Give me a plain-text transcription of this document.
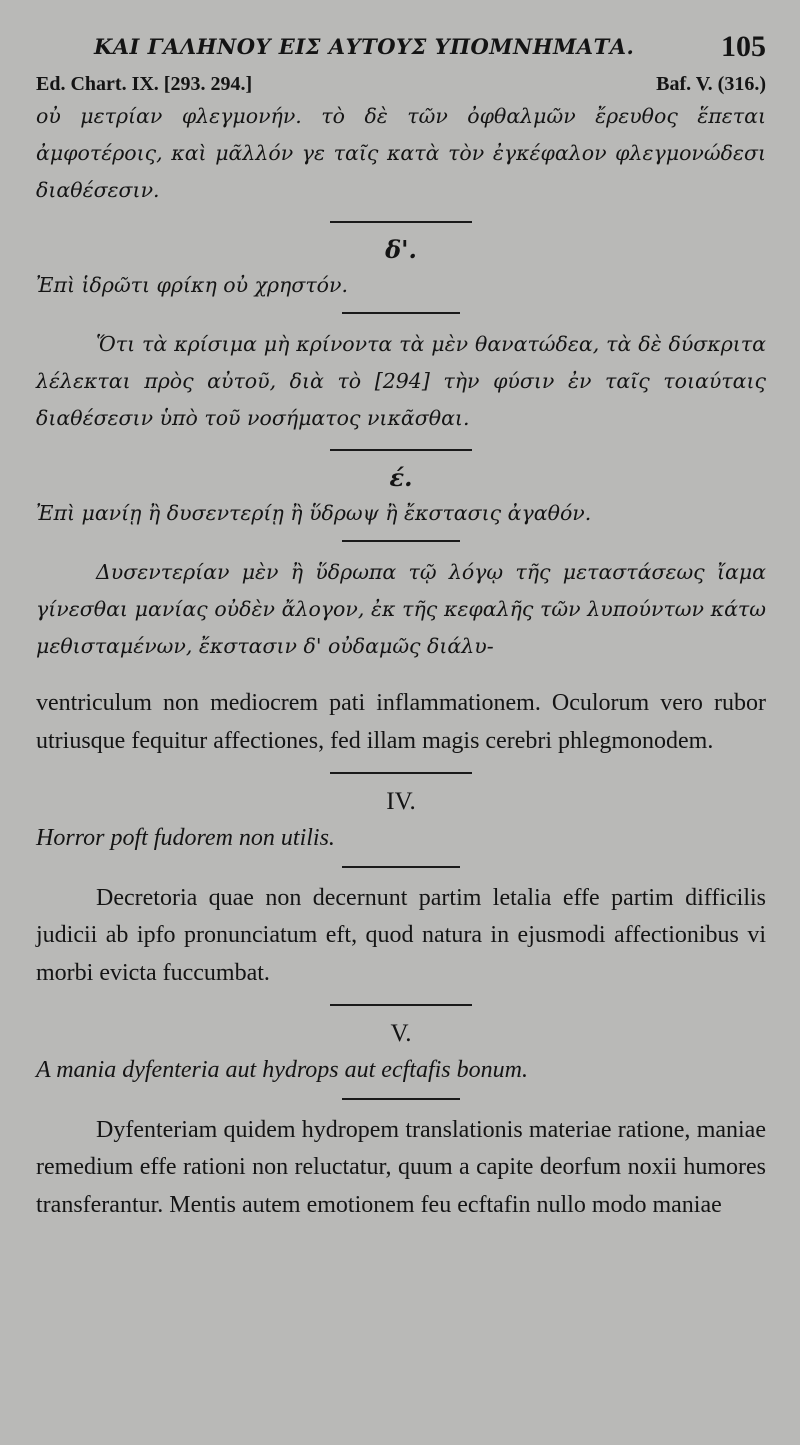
ΚΑΙ ΓΑΛΗΝΟΥ ΕΙΣ ΑΥΤΟΥΣ ΥΠΟΜΝΗΜΑΤΑ.	105
Ed. Chart. IX. [293. 294.]	Baf. V. (316.)

οὐ μετρίαν φλεγμονήν. τὸ δὲ τῶν ὀφθαλμῶν ἔρευθος ἕπεται ἀμφοτέροις, καὶ μᾶλλόν γε ταῖς κατὰ τὸν ἐγκέφαλον φλεγμονώδεσι διαθέσεσιν.

δ'.

Ἐπὶ ἱδρῶτι φρίκη οὐ χρηστόν.

Ὅτι τὰ κρίσιμα μὴ κρίνοντα τὰ μὲν θανατώδεα, τὰ δὲ δύσκριτα λέλεκται πρὸς αὐτοῦ, διὰ τὸ [294] τὴν φύσιν ἐν ταῖς τοιαύταις διαθέσεσιν ὑπὸ τοῦ νοσήματος νικᾶσθαι.

έ.

Ἐπὶ μανίῃ ἢ δυσεντερίῃ ἢ ὕδρωψ ἢ ἔκστασις ἀγαθόν.

Δυσεντερίαν μὲν ἢ ὕδρωπα τῷ λόγῳ τῆς μεταστάσεως ἴαμα γίνεσθαι μανίας οὐδὲν ἄλογον, ἐκ τῆς κεφαλῆς τῶν λυπούντων κάτω μεθισταμένων, ἔκστασιν δ' οὐδαμῶς διάλυ-

ventriculum non mediocrem pati inflammationem. Oculorum vero rubor utriusque fequitur affectiones, fed illam magis cerebri phlegmonodem.

IV.

Horror poft fudorem non utilis.

Decretoria quae non decernunt partim letalia effe partim difficilis judicii ab ipfo pronunciatum eft, quod natura in ejusmodi affectionibus vi morbi evicta fuccumbat.

V.

A mania dyfenteria aut hydrops aut ecftafis bonum.

Dyfenteriam quidem hydropem translationis materiae ratione, maniae remedium effe rationi non reluctatur, quum a capite deorfum noxii humores transferantur. Mentis autem emotionem feu ecftafin nullo modo maniae
